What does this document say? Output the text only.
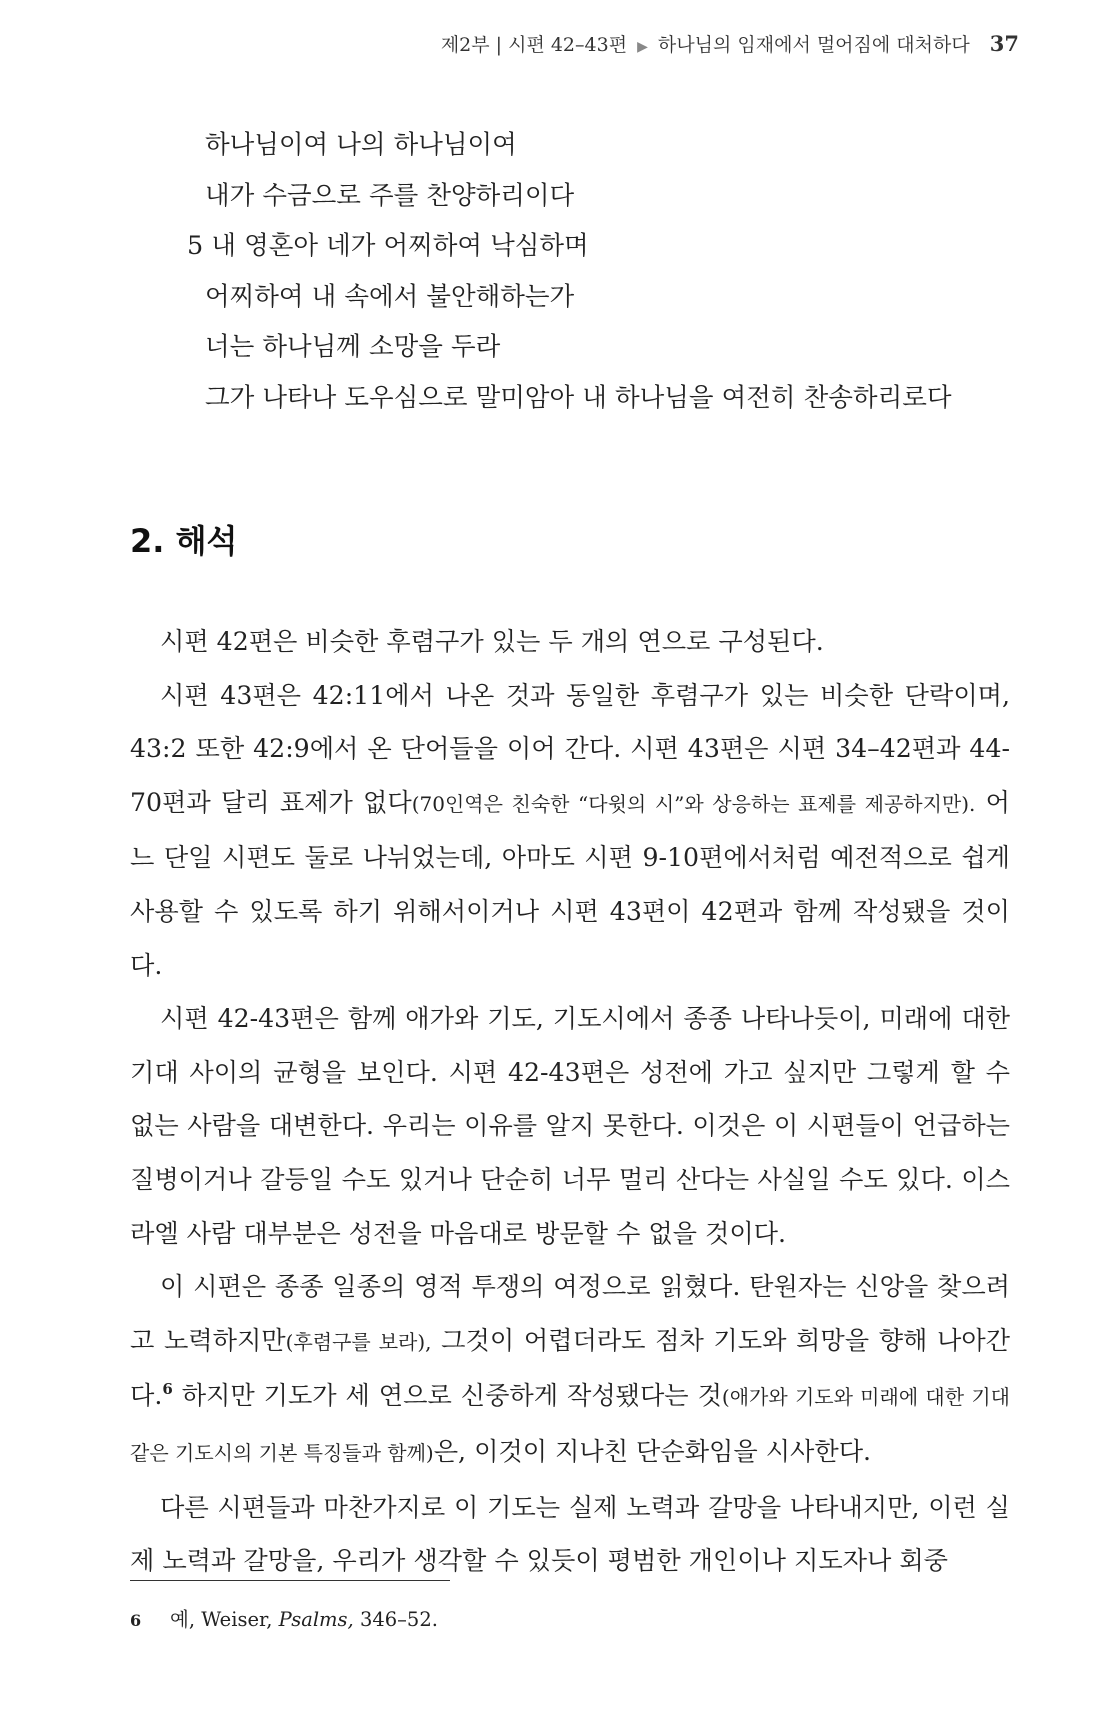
제2부 | 시편 42–43편 ▶ 하나님의 임재에서 멀어짐에 대처하다 37
하나님이여 나의 하나님이여
내가 수금으로 주를 찬양하리이다
5 내 영혼아 네가 어찌하여 낙심하며
어찌하여 내 속에서 불안해하는가
너는 하나님께 소망을 두라
그가 나타나 도우심으로 말미암아 내 하나님을 여전히 찬송하리로다
2. 해석

시편 42편은 비슷한 후렴구가 있는 두 개의 연으로 구성된다.

시편 43편은 42:11에서 나온 것과 동일한 후렴구가 있는 비슷한 단락이며, 43:2 또한 42:9에서 온 단어들을 이어 간다. 시편 43편은 시편 34–42편과 44-70편과 달리 표제가 없다(70인역은 친숙한 “다윗의 시”와 상응하는 표제를 제공하지만). 어느 단일 시편도 둘로 나뉘었는데, 아마도 시편 9-10편에서처럼 예전적으로 쉽게 사용할 수 있도록 하기 위해서이거나 시편 43편이 42편과 함께 작성됐을 것이다.

시편 42-43편은 함께 애가와 기도, 기도시에서 종종 나타나듯이, 미래에 대한 기대 사이의 균형을 보인다. 시편 42-43편은 성전에 가고 싶지만 그렇게 할 수 없는 사람을 대변한다. 우리는 이유를 알지 못한다. 이것은 이 시편들이 언급하는 질병이거나 갈등일 수도 있거나 단순히 너무 멀리 산다는 사실일 수도 있다. 이스라엘 사람 대부분은 성전을 마음대로 방문할 수 없을 것이다.

이 시편은 종종 일종의 영적 투쟁의 여정으로 읽혔다. 탄원자는 신앙을 찾으려고 노력하지만(후렴구를 보라), 그것이 어렵더라도 점차 기도와 희망을 향해 나아간다.$^6$ 하지만 기도가 세 연으로 신중하게 작성됐다는 것(애가와 기도와 미래에 대한 기대 같은 기도시의 기본 특징들과 함께)은, 이것이 지나친 단순화임을 시사한다.

다른 시편들과 마찬가지로 이 기도는 실제 노력과 갈망을 나타내지만, 이런 실제 노력과 갈망을, 우리가 생각할 수 있듯이 평범한 개인이나 지도자나 회중

6 예, Weiser, Psalms, 346–52.
